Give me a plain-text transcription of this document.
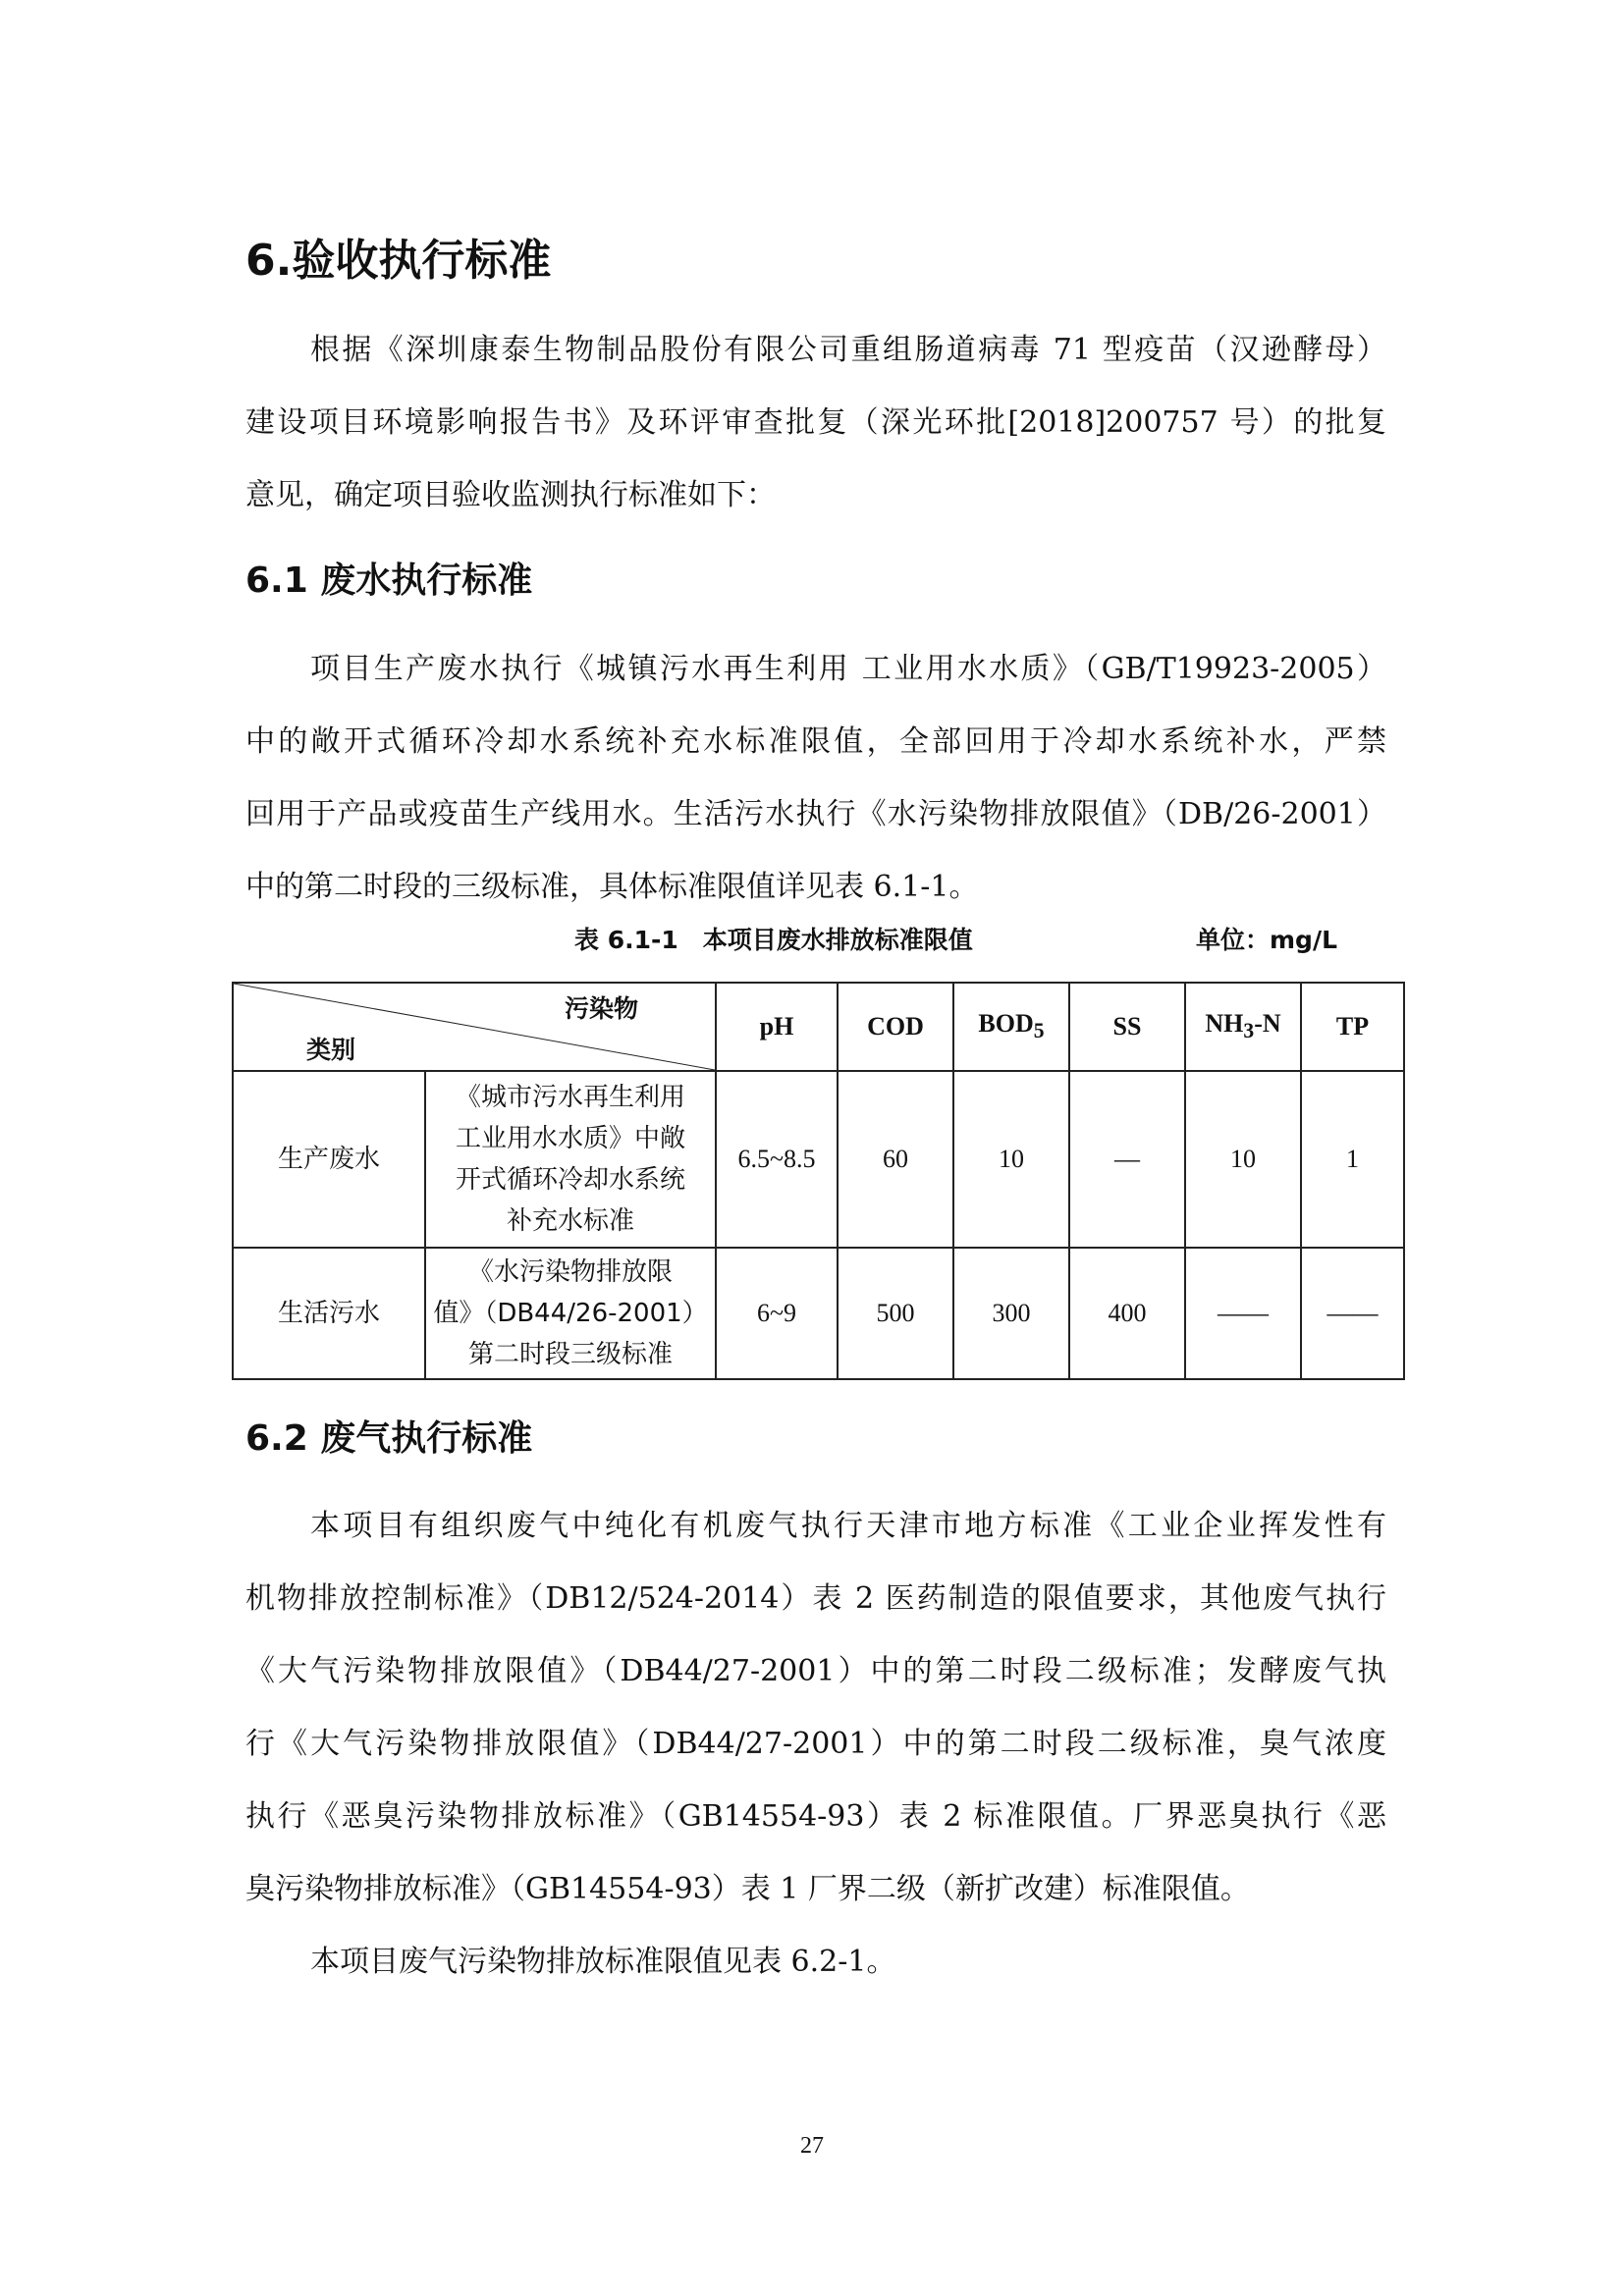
6.验收执行标准
根据《深圳康泰生物制品股份有限公司重组肠道病毒 71 型疫苗（汉逊酵母）
建设项目环境影响报告书》及环评审查批复（深光环批[2018]200757 号）的批复
意见，确定项目验收监测执行标准如下：
6.1 废水执行标准
项目生产废水执行《城镇污水再生利用 工业用水水质》（GB/T19923-2005）
中的敞开式循环冷却水系统补充水标准限值，全部回用于冷却水系统补水，严禁
回用于产品或疫苗生产线用水。生活污水执行《水污染物排放限值》（DB/26-2001）
中的第二时段的三级标准，具体标准限值详见表 6.1-1。
表 6.1-1　本项目废水排放标准限值	单位：mg/L
污染物
类别		pH	COD	$BOD_5$	SS	$NH_3-N$	TP
生产废水	《城市污水再生利用
工业用水水质》中敞
开式循环冷却水系统
补充水标准	6.5~8.5	60	10	—	10	1
生活污水	《水污染物排放限
值》（DB44/26-2001）
第二时段三级标准	6~9	500	300	400	——	——
6.2 废气执行标准
本项目有组织废气中纯化有机废气执行天津市地方标准《工业企业挥发性有
机物排放控制标准》（DB12/524-2014）表 2 医药制造的限值要求，其他废气执行
《大气污染物排放限值》（DB44/27-2001）中的第二时段二级标准；发酵废气执
行《大气污染物排放限值》（DB44/27-2001）中的第二时段二级标准，臭气浓度
执行《恶臭污染物排放标准》（GB14554-93）表 2 标准限值。厂界恶臭执行《恶
臭污染物排放标准》（GB14554-93）表 1 厂界二级（新扩改建）标准限值。
本项目废气污染物排放标准限值见表 6.2-1。
27
